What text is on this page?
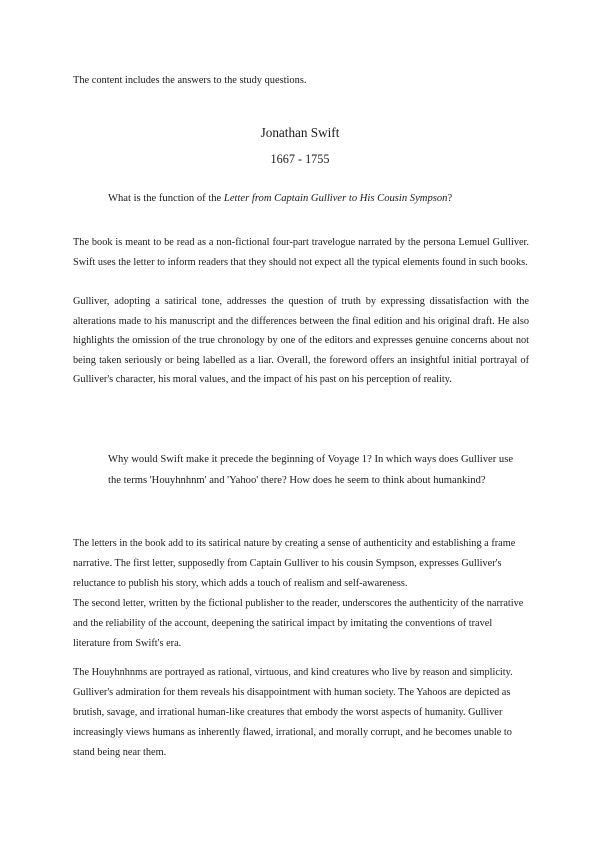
The content includes the answers to the study questions.
Jonathan Swift
1667 - 1755
What is the function of the Letter from Captain Gulliver to His Cousin Sympson?

The book is meant to be read as a non-fictional four-part travelogue narrated by the persona Lemuel Gulliver. Swift uses the letter to inform readers that they should not expect all the typical elements found in such books.

Gulliver, adopting a satirical tone, addresses the question of truth by expressing dissatisfaction with the alterations made to his manuscript and the differences between the final edition and his original draft. He also highlights the omission of the true chronology by one of the editors and expresses genuine concerns about not being taken seriously or being labelled as a liar. Overall, the foreword offers an insightful initial portrayal of Gulliver's character, his moral values, and the impact of his past on his perception of reality.

Why would Swift make it precede the beginning of Voyage 1? In which ways does Gulliver use the terms 'Houyhnhnm' and 'Yahoo' there? How does he seem to think about humankind?

The letters in the book add to its satirical nature by creating a sense of authenticity and establishing a frame narrative. The first letter, supposedly from Captain Gulliver to his cousin Sympson, expresses Gulliver's reluctance to publish his story, which adds a touch of realism and self-awareness.

The second letter, written by the fictional publisher to the reader, underscores the authenticity of the narrative and the reliability of the account, deepening the satirical impact by imitating the conventions of travel literature from Swift's era.

The Houyhnhnms are portrayed as rational, virtuous, and kind creatures who live by reason and simplicity. Gulliver's admiration for them reveals his disappointment with human society. The Yahoos are depicted as brutish, savage, and irrational human-like creatures that embody the worst aspects of humanity. Gulliver increasingly views humans as inherently flawed, irrational, and morally corrupt, and he becomes unable to stand being near them.
